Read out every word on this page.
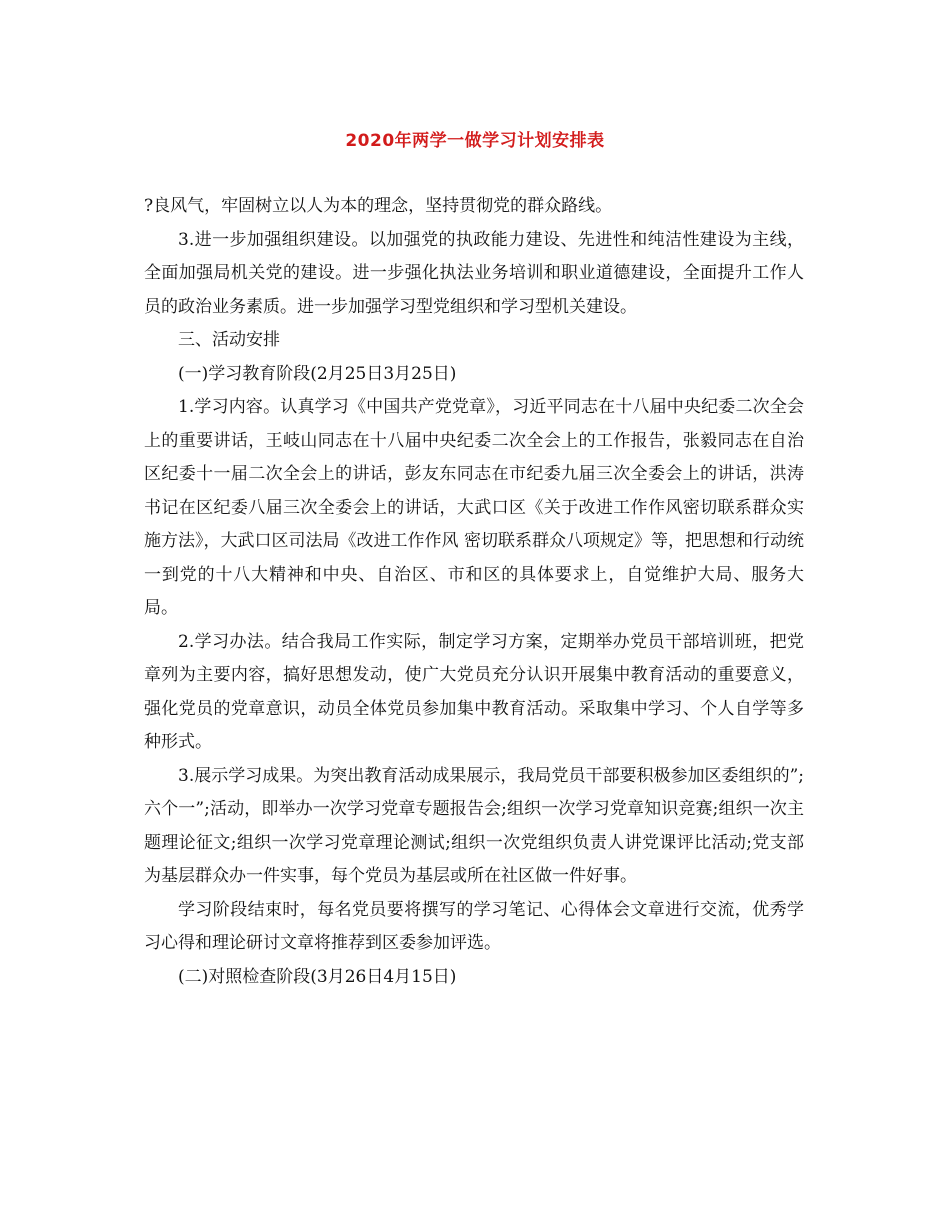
2020年两学一做学习计划安排表

?良风气，牢固树立以人为本的理念，坚持贯彻党的群众路线。

3.进一步加强组织建设。以加强党的执政能力建设、先进性和纯洁性建设为主线，全面加强局机关党的建设。进一步强化执法业务培训和职业道德建设，全面提升工作人员的政治业务素质。进一步加强学习型党组织和学习型机关建设。

三、活动安排

(一)学习教育阶段(2月25日3月25日)

1.学习内容。认真学习《中国共产党党章》，习近平同志在十八届中央纪委二次全会上的重要讲话，王岐山同志在十八届中央纪委二次全会上的工作报告，张毅同志在自治区纪委十一届二次全会上的讲话，彭友东同志在市纪委九届三次全委会上的讲话，洪涛书记在区纪委八届三次全委会上的讲话，大武口区《关于改进工作作风密切联系群众实施方法》，大武口区司法局《改进工作作风 密切联系群众八项规定》等，把思想和行动统一到党的十八大精神和中央、自治区、市和区的具体要求上，自觉维护大局、服务大局。

2.学习办法。结合我局工作实际，制定学习方案，定期举办党员干部培训班，把党章列为主要内容，搞好思想发动，使广大党员充分认识开展集中教育活动的重要意义，强化党员的党章意识，动员全体党员参加集中教育活动。采取集中学习、个人自学等多种形式。

3.展示学习成果。为突出教育活动成果展示，我局党员干部要积极参加区委组织的”;六个一”;活动，即举办一次学习党章专题报告会;组织一次学习党章知识竞赛;组织一次主题理论征文;组织一次学习党章理论测试;组织一次党组织负责人讲党课评比活动;党支部为基层群众办一件实事，每个党员为基层或所在社区做一件好事。

学习阶段结束时，每名党员要将撰写的学习笔记、心得体会文章进行交流，优秀学习心得和理论研讨文章将推荐到区委参加评选。

(二)对照检查阶段(3月26日4月15日)
